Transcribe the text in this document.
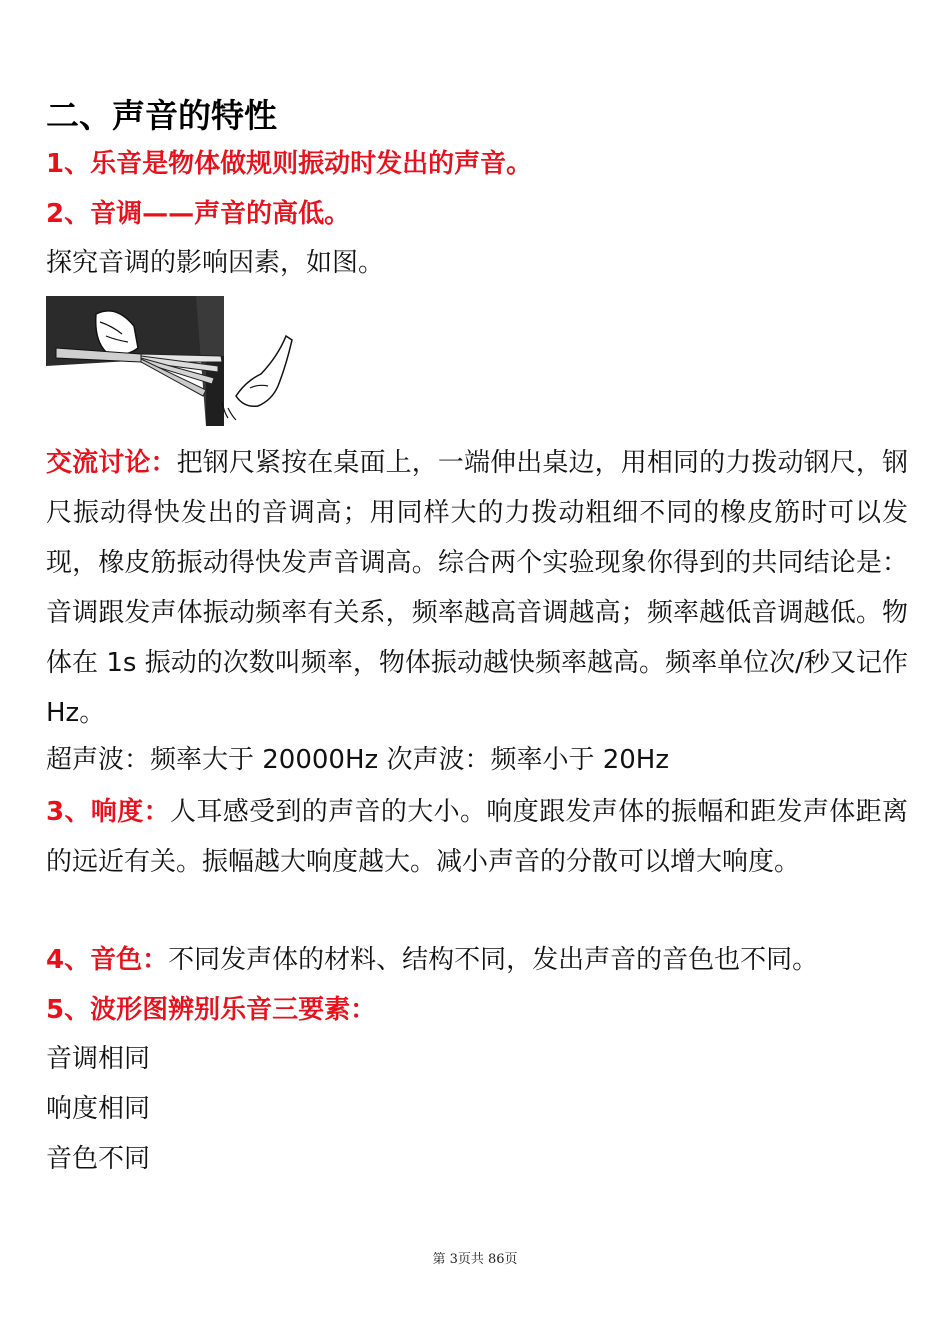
二、声音的特性
1、乐音是物体做规则振动时发出的声音。
2、音调——声音的高低。
探究音调的影响因素，如图。
交流讨论：把钢尺紧按在桌面上，一端伸出桌边，用相同的力拨动钢尺，钢尺振动得快发出的音调高；用同样大的力拨动粗细不同的橡皮筋时可以发现，橡皮筋振动得快发声音调高。综合两个实验现象你得到的共同结论是：音调跟发声体振动频率有关系，频率越高音调越高；频率越低音调越低。物体在 1s 振动的次数叫频率，物体振动越快频率越高。频率单位次/秒又记作 Hz。
超声波：频率大于 20000Hz 次声波：频率小于 20Hz
3、响度：人耳感受到的声音的大小。响度跟发声体的振幅和距发声体距离的远近有关。振幅越大响度越大。减小声音的分散可以增大响度。
4、音色：不同发声体的材料、结构不同，发出声音的音色也不同。
5、波形图辨别乐音三要素：
音调相同
响度相同
音色不同
第 3页共 86页
